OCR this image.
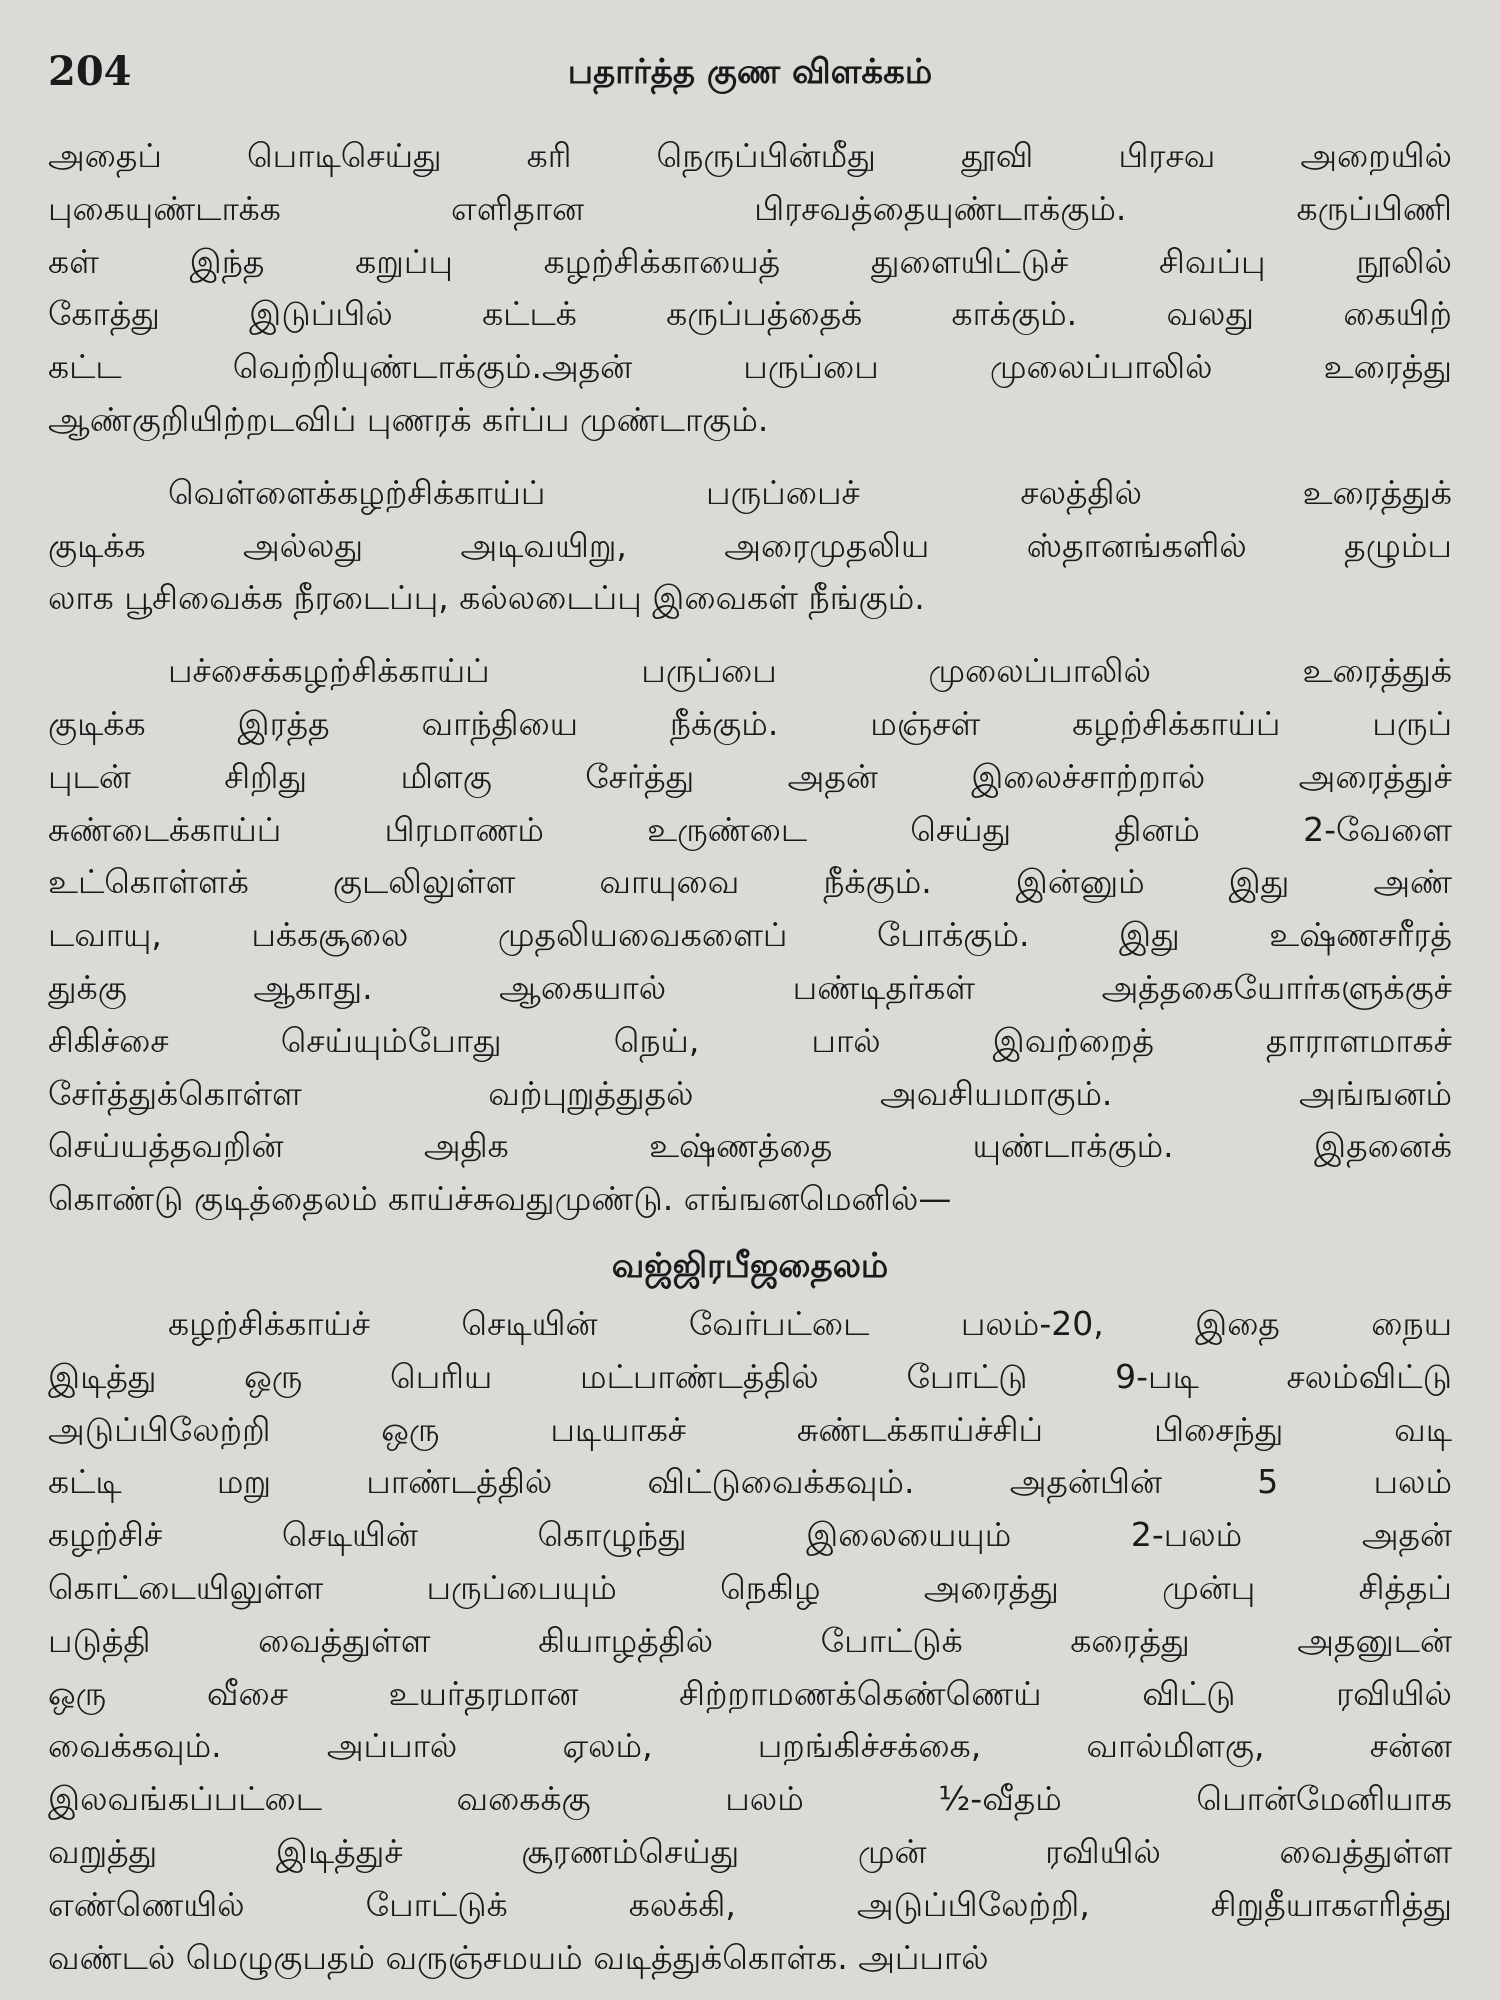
204	பதார்த்த குண விளக்கம்
அதைப் பொடிசெய்து கரி நெருப்பின்மீது தூவி பிரசவ அறையில்
புகையுண்டாக்க எளிதான பிரசவத்தையுண்டாக்கும். கருப்பிணி
கள் இந்த கறுப்பு கழற்சிக்காயைத் துளையிட்டுச் சிவப்பு நூலில்
கோத்து இடுப்பில் கட்டக் கருப்பத்தைக் காக்கும். வலது கையிற்
கட்ட வெற்றியுண்டாக்கும்.அதன் பருப்பை முலைப்பாலில் உரைத்து
ஆண்குறியிற்றடவிப் புணரக் கர்ப்ப முண்டாகும்.
வெள்ளைக்கழற்சிக்காய்ப் பருப்பைச் சலத்தில் உரைத்துக்
குடிக்க அல்லது அடிவயிறு, அரைமுதலிய ஸ்தானங்களில் தழும்ப
லாக பூசிவைக்க நீரடைப்பு, கல்லடைப்பு இவைகள் நீங்கும்.
பச்சைக்கழற்சிக்காய்ப் பருப்பை முலைப்பாலில் உரைத்துக்
குடிக்க இரத்த வாந்தியை நீக்கும். மஞ்சள் கழற்சிக்காய்ப் பருப்
புடன் சிறிது மிளகு சேர்த்து அதன் இலைச்சாற்றால் அரைத்துச்
சுண்டைக்காய்ப் பிரமாணம் உருண்டை செய்து தினம் 2-வேளை
உட்கொள்ளக் குடலிலுள்ள வாயுவை நீக்கும். இன்னும் இது அண்
டவாயு, பக்கசூலை முதலியவைகளைப் போக்கும். இது உஷ்ணசரீரத்
துக்கு ஆகாது. ஆகையால் பண்டிதர்கள் அத்தகையோர்களுக்குச்
சிகிச்சை செய்யும்போது நெய், பால் இவற்றைத் தாராளமாகச்
சேர்த்துக்கொள்ள வற்புறுத்துதல் அவசியமாகும். அங்ஙனம்
செய்யத்தவறின் அதிக உஷ்ணத்தை யுண்டாக்கும். இதனைக்
கொண்டு குடித்தைலம் காய்ச்சுவதுமுண்டு. எங்ஙனமெனில்—
வஜ்ஜிரபீஜதைலம்
கழற்சிக்காய்ச் செடியின் வேர்பட்டை பலம்-20, இதை நைய
இடித்து ஒரு பெரிய மட்பாண்டத்தில் போட்டு 9-படி சலம்விட்டு
அடுப்பிலேற்றி ஒரு படியாகச் சுண்டக்காய்ச்சிப் பிசைந்து வடி
கட்டி மறு பாண்டத்தில் விட்டுவைக்கவும். அதன்பின் 5 பலம்
கழற்சிச் செடியின் கொழுந்து இலையையும் 2-பலம் அதன்
கொட்டையிலுள்ள பருப்பையும் நெகிழ அரைத்து முன்பு சித்தப்
படுத்தி வைத்துள்ள கியாழத்தில் போட்டுக் கரைத்து அதனுடன்
ஒரு வீசை உயர்தரமான சிற்றாமணக்கெண்ணெய் விட்டு ரவியில்
வைக்கவும். அப்பால் ஏலம், பறங்கிச்சக்கை, வால்மிளகு, சன்ன
இலவங்கப்பட்டை வகைக்கு பலம் ½-வீதம் பொன்மேனியாக
வறுத்து இடித்துச் சூரணம்செய்து முன் ரவியில் வைத்துள்ள
எண்ணெயில் போட்டுக் கலக்கி, அடுப்பிலேற்றி, சிறுதீயாகஎரித்து
வண்டல் மெழுகுபதம் வருஞ்சமயம் வடித்துக்கொள்க. அப்பால்
